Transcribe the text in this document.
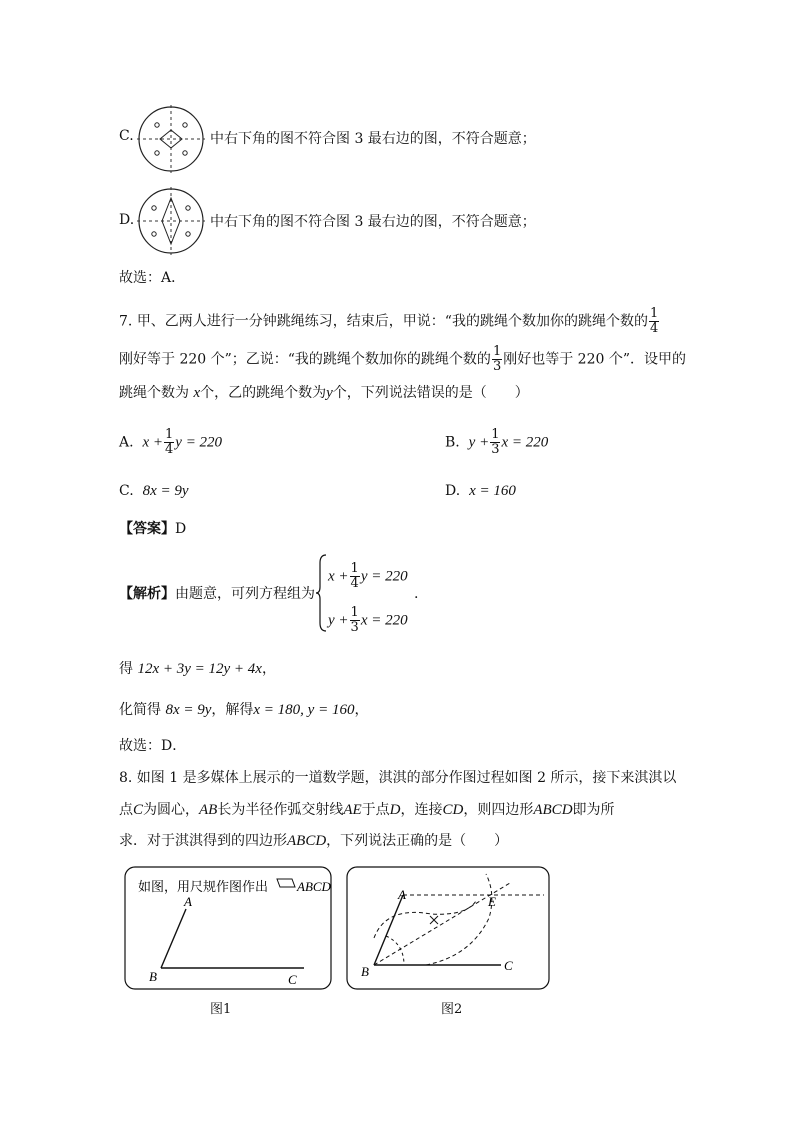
C.	中右下角的图不符合图 3 最右边的图，不符合题意；
D.	中右下角的图不符合图 3 最右边的图，不符合题意；
故选：A．
7. 甲、乙两人进行一分钟跳绳练习，结束后，甲说：“我的跳绳个数加你的跳绳个数的 $\frac{1}{4}$
刚好等于 220 个”；乙说：“我的跳绳个数加你的跳绳个数的 $\frac{1}{3}$ 刚好也等于 220 个”．设甲的
跳绳个数为 x个，乙的跳绳个数为y个，下列说法错误的是（　　）
A. $x + \frac{1}{4}$ y = 220	B. $y + \frac{1}{3}$ x = 220
C. 8x = 9y	D. x = 160
【答案】D
【解析】由题意，可列方程组为
$x + \frac{1}{4}$ y = 220
$y + \frac{1}{3}$ x = 220
.
得 12x + 3y = 12y + 4x，
化简得 8x = 9y，解得x = 180, y = 160，
故选：D．
8. 如图 1 是多媒体上展示的一道数学题，淇淇的部分作图过程如图 2 所示，接下来淇淇以
点C为圆心，AB长为半径作弧交射线AE于点D，连接CD，则四边形ABCD即为所
求．对于淇淇得到的四边形ABCD，下列说法正确的是（　　）
如图，用尺规作图作出 ABCD
A
B	C
图1
A
B	C
E
图2
